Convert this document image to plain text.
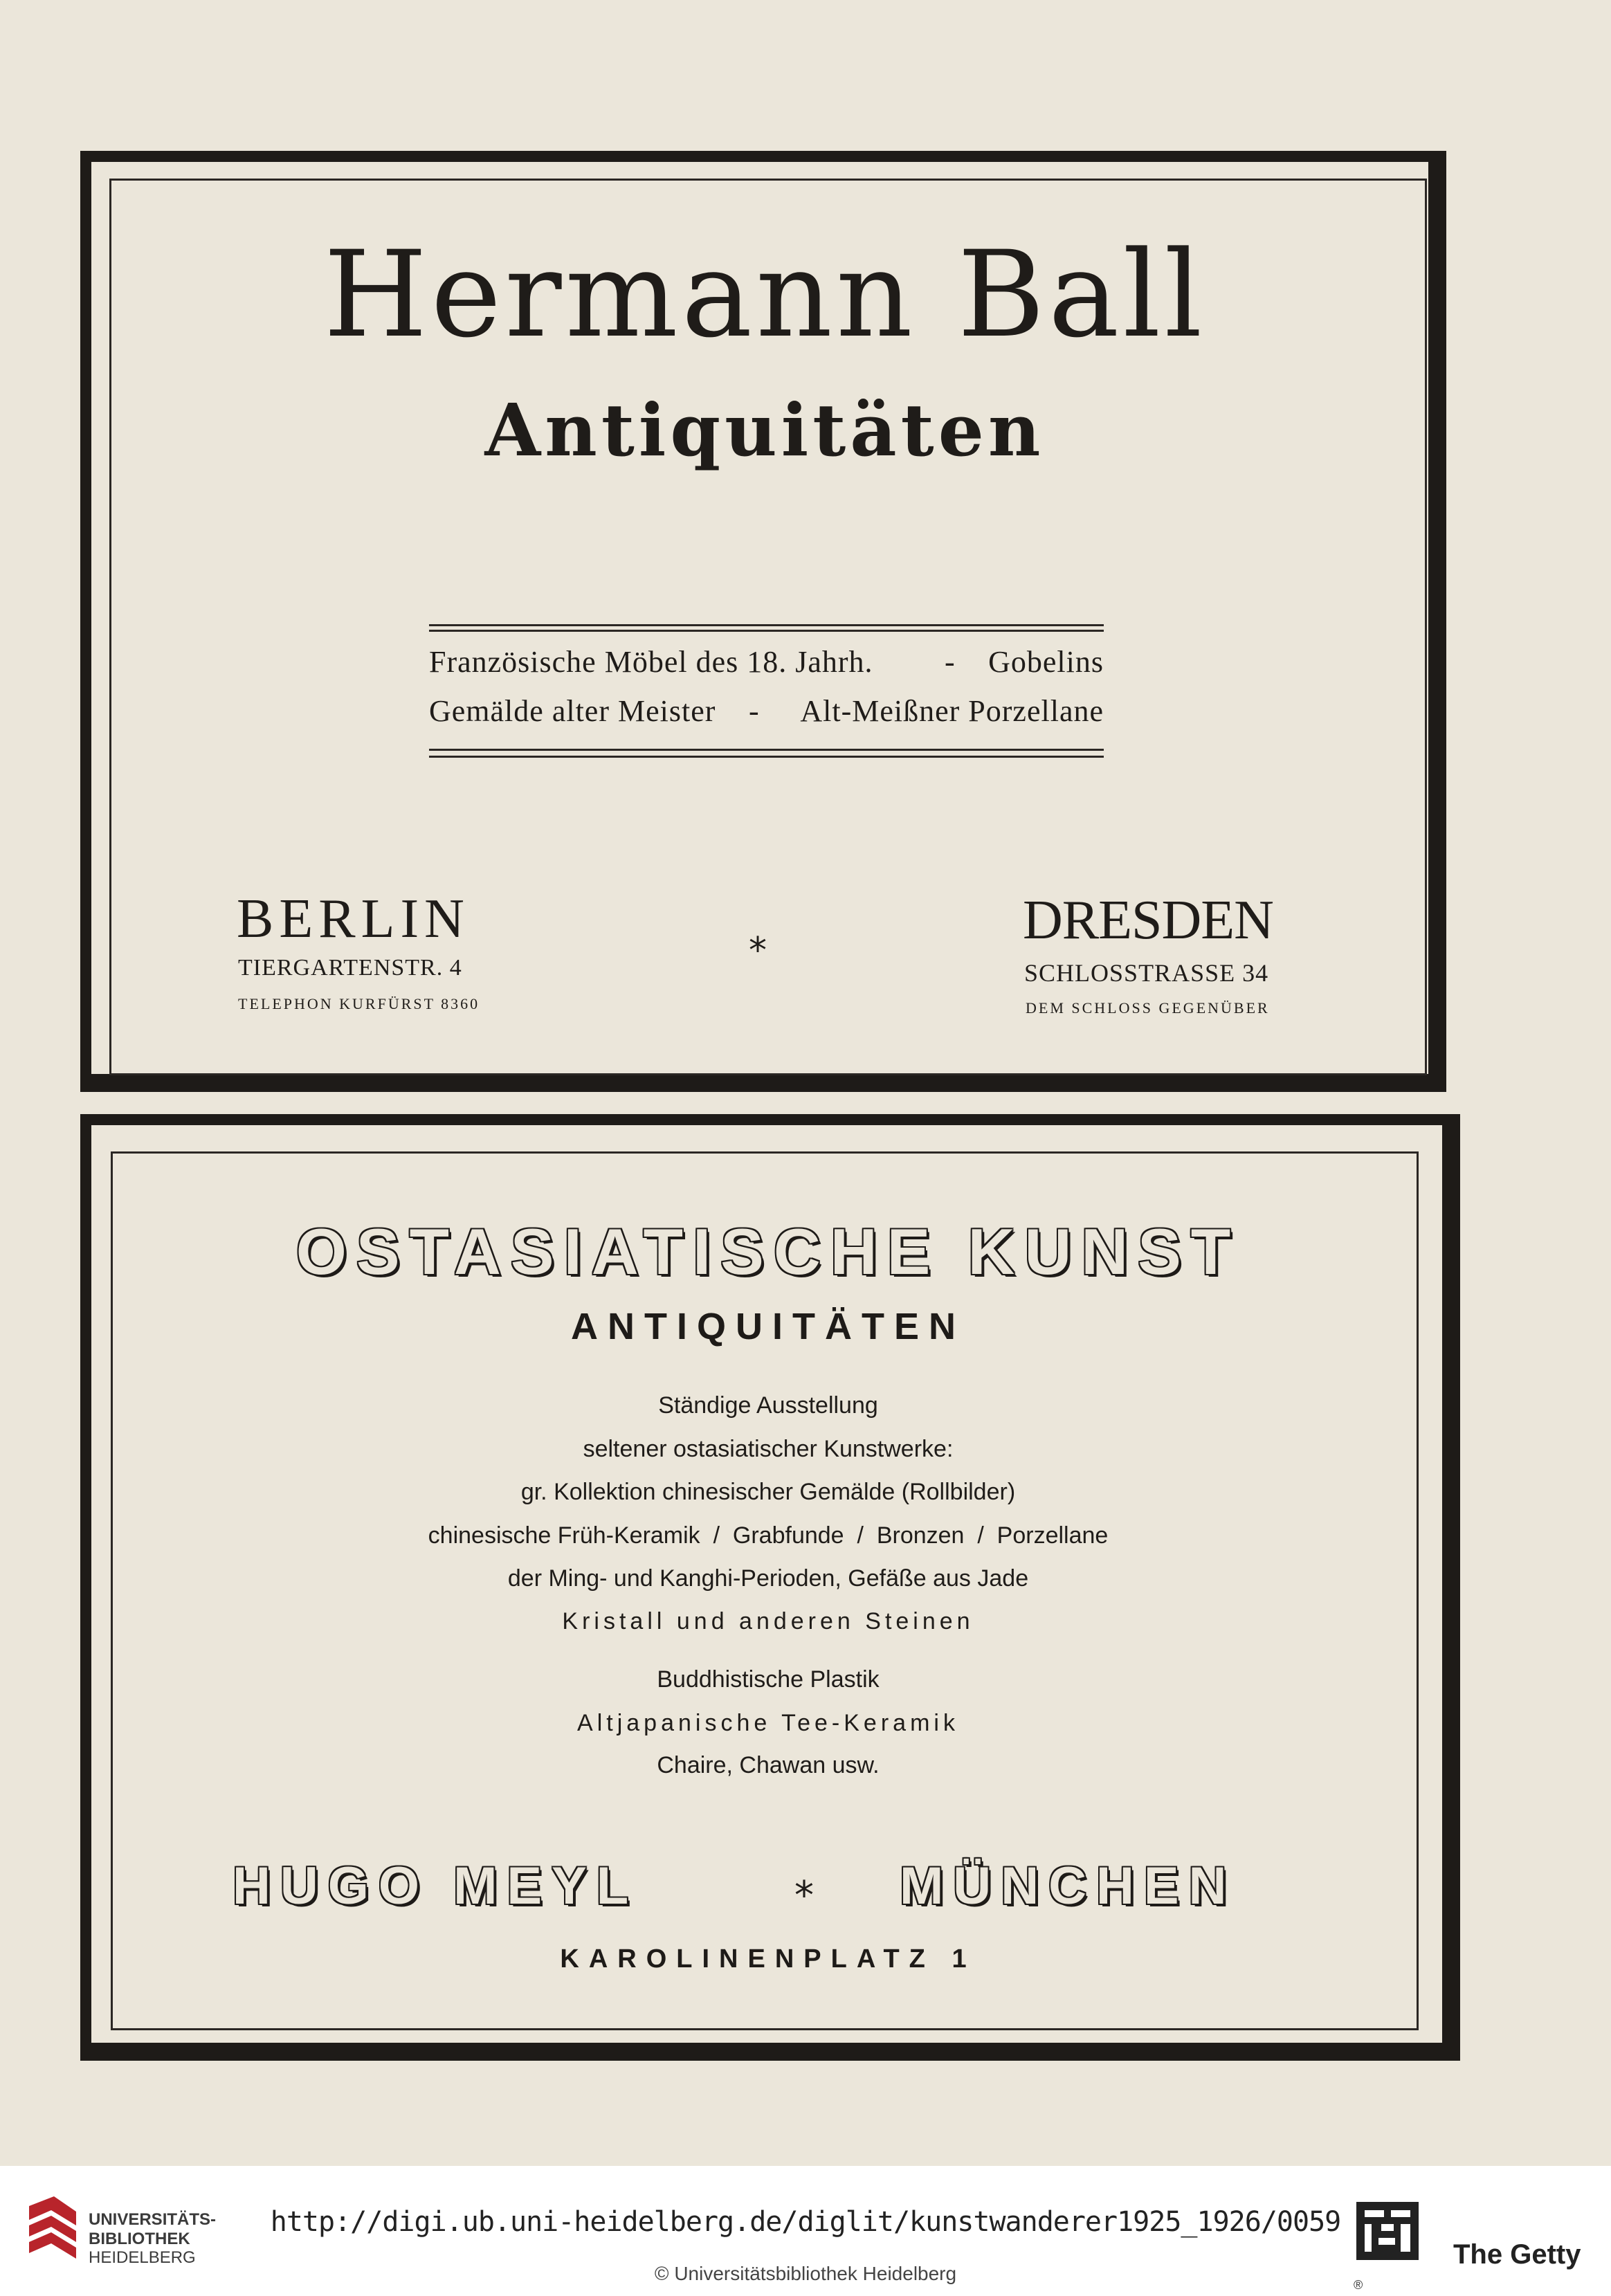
Hermann Ball
Antiquitäten
Französische Möbel des 18. Jahrh. - Gobelins
Gemälde alter Meister - Alt-Meißner Porzellane
BERLIN
TIERGARTENSTR. 4
TELEPHON KURFÜRST 8360
*	DRESDEN
SCHLOSSTRASSE 34
DEM SCHLOSS GEGENÜBER
OSTASIATISCHE KUNST
ANTIQUITÄTEN
Ständige Ausstellung
seltener ostasiatischer Kunstwerke:
gr. Kollektion chinesischer Gemälde (Rollbilder)
chinesische Früh-Keramik  /  Grabfunde  /  Bronzen  /  Porzellane
der Ming- und Kanghi-Perioden, Gefäße aus Jade
Kristall und anderen Steinen
Buddhistische Plastik
Altjapanische Tee-Keramik
Chaire, Chawan usw.
HUGO MEYL	* MÜNCHEN
KAROLINENPLATZ 1
UNIVERSITÄTS-
BIBLIOTHEK
HEIDELBERG
http://digi.ub.uni-heidelberg.de/diglit/kunstwanderer1925_1926/0059
© Universitätsbibliothek Heidelberg
®
The Getty
